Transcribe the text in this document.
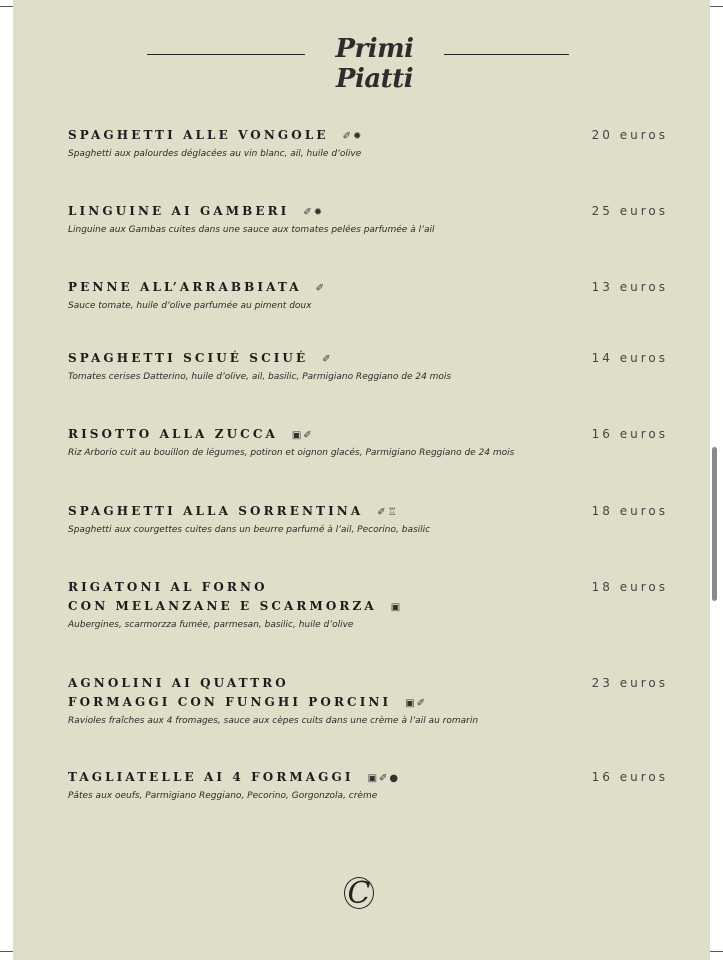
Primi Piatti
SPAGHETTI ALLE VONGOLE ✐✹
Spaghetti aux palourdes déglacées au vin blanc, ail, huile d’olive
20 euros
LINGUINE AI GAMBERI ✐✹
Linguine aux Gambas cuites dans une sauce aux tomates pelées parfumée à l’ail
25 euros
PENNE ALL’ARRABBIATA ✐
Sauce tomate, huile d’olive parfumée au piment doux
13 euros
SPAGHETTI SCIUÉ SCIUÉ ✐
Tomates cerises Datterino, huile d’olive, ail, basilic, Parmigiano Reggiano de 24 mois
14 euros
RISOTTO ALLA ZUCCA ▣✐
Riz Arborio cuit au bouillon de légumes, potiron et oignon glacés, Parmigiano Reggiano de 24 mois
16 euros
SPAGHETTI ALLA SORRENTINA ✐♖
Spaghetti aux courgettes cuites dans un beurre parfumé à l’ail, Pecorino, basilic
18 euros
RIGATONI AL FORNO
CON MELANZANE E SCARMORZA ▣
Aubergines, scarmorzza fumée, parmesan, basilic, huile d’olive
18 euros
AGNOLINI AI QUATTRO
FORMAGGI CON FUNGHI PORCINI ▣✐
Ravioles fraîches aux 4 fromages, sauce aux cèpes cuits dans une crème à l’ail au romarin
23 euros
TAGLIATELLE AI 4 FORMAGGI ▣✐●
Pâtes aux oeufs, Parmigiano Reggiano, Pecorino, Gorgonzola, crème
16 euros
C
